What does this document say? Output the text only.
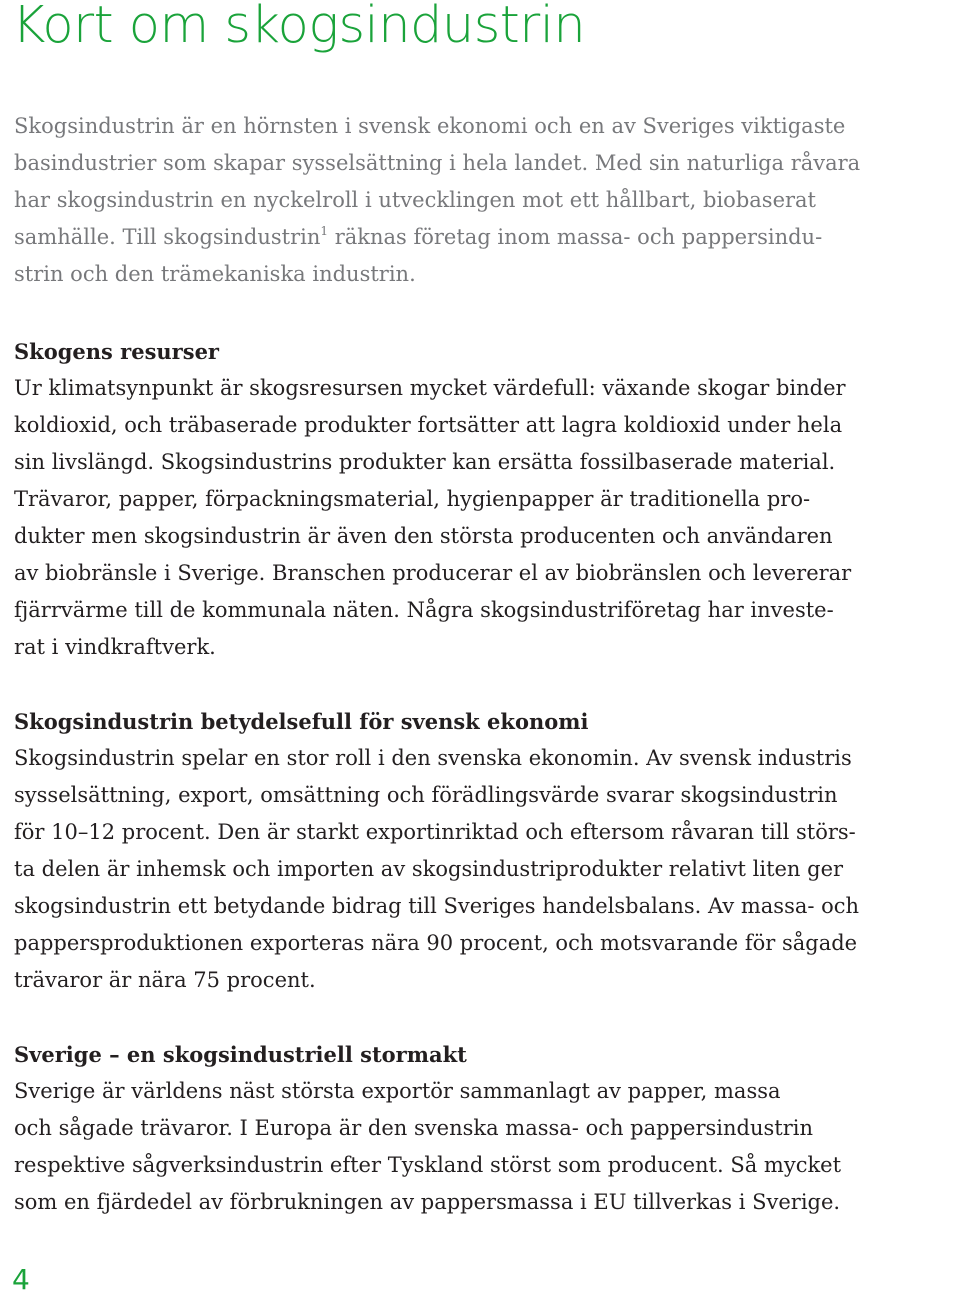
Kort om skogsindustrin

Skogsindustrin är en hörnsten i svensk ekonomi och en av Sveriges viktigaste

basindustrier som skapar sysselsättning i hela landet. Med sin naturliga råvara

har skogsindustrin en nyckelroll i utvecklingen mot ett hållbart, biobaserat

samhälle. Till skogsindustrin$^1$ räknas företag inom massa- och pappersindu-

strin och den trämekaniska industrin.

Skogens resurser

Ur klimatsynpunkt är skogsresursen mycket värdefull: växande skogar binder

koldioxid, och träbaserade produkter fortsätter att lagra koldioxid under hela

sin livslängd. Skogsindustrins produkter kan ersätta fossilbaserade material.

Trävaror, papper, förpackningsmaterial, hygienpapper är traditionella pro-

dukter men skogsindustrin är även den största producenten och användaren

av biobränsle i Sverige. Branschen producerar el av biobränslen och levererar

fjärrvärme till de kommunala näten. Några skogsindustriföretag har investe-

rat i vindkraftverk.

Skogsindustrin betydelsefull för svensk ekonomi

Skogsindustrin spelar en stor roll i den svenska ekonomin. Av svensk industris

sysselsättning, export, omsättning och förädlingsvärde svarar skogsindustrin

för 10–12 procent. Den är starkt exportinriktad och eftersom råvaran till störs-

ta delen är inhemsk och importen av skogsindustriprodukter relativt liten ger

skogsindustrin ett betydande bidrag till Sveriges handelsbalans. Av massa- och

pappersproduktionen exporteras nära 90 procent, och motsvarande för sågade

trävaror är nära 75 procent.

Sverige – en skogsindustriell stormakt

Sverige är världens näst största exportör sammanlagt av papper, massa

och sågade trävaror. I Europa är den svenska massa- och pappersindustrin

respektive sågverksindustrin efter Tyskland störst som producent. Så mycket

som en fjärdedel av förbrukningen av pappersmassa i EU tillverkas i Sverige.

4
